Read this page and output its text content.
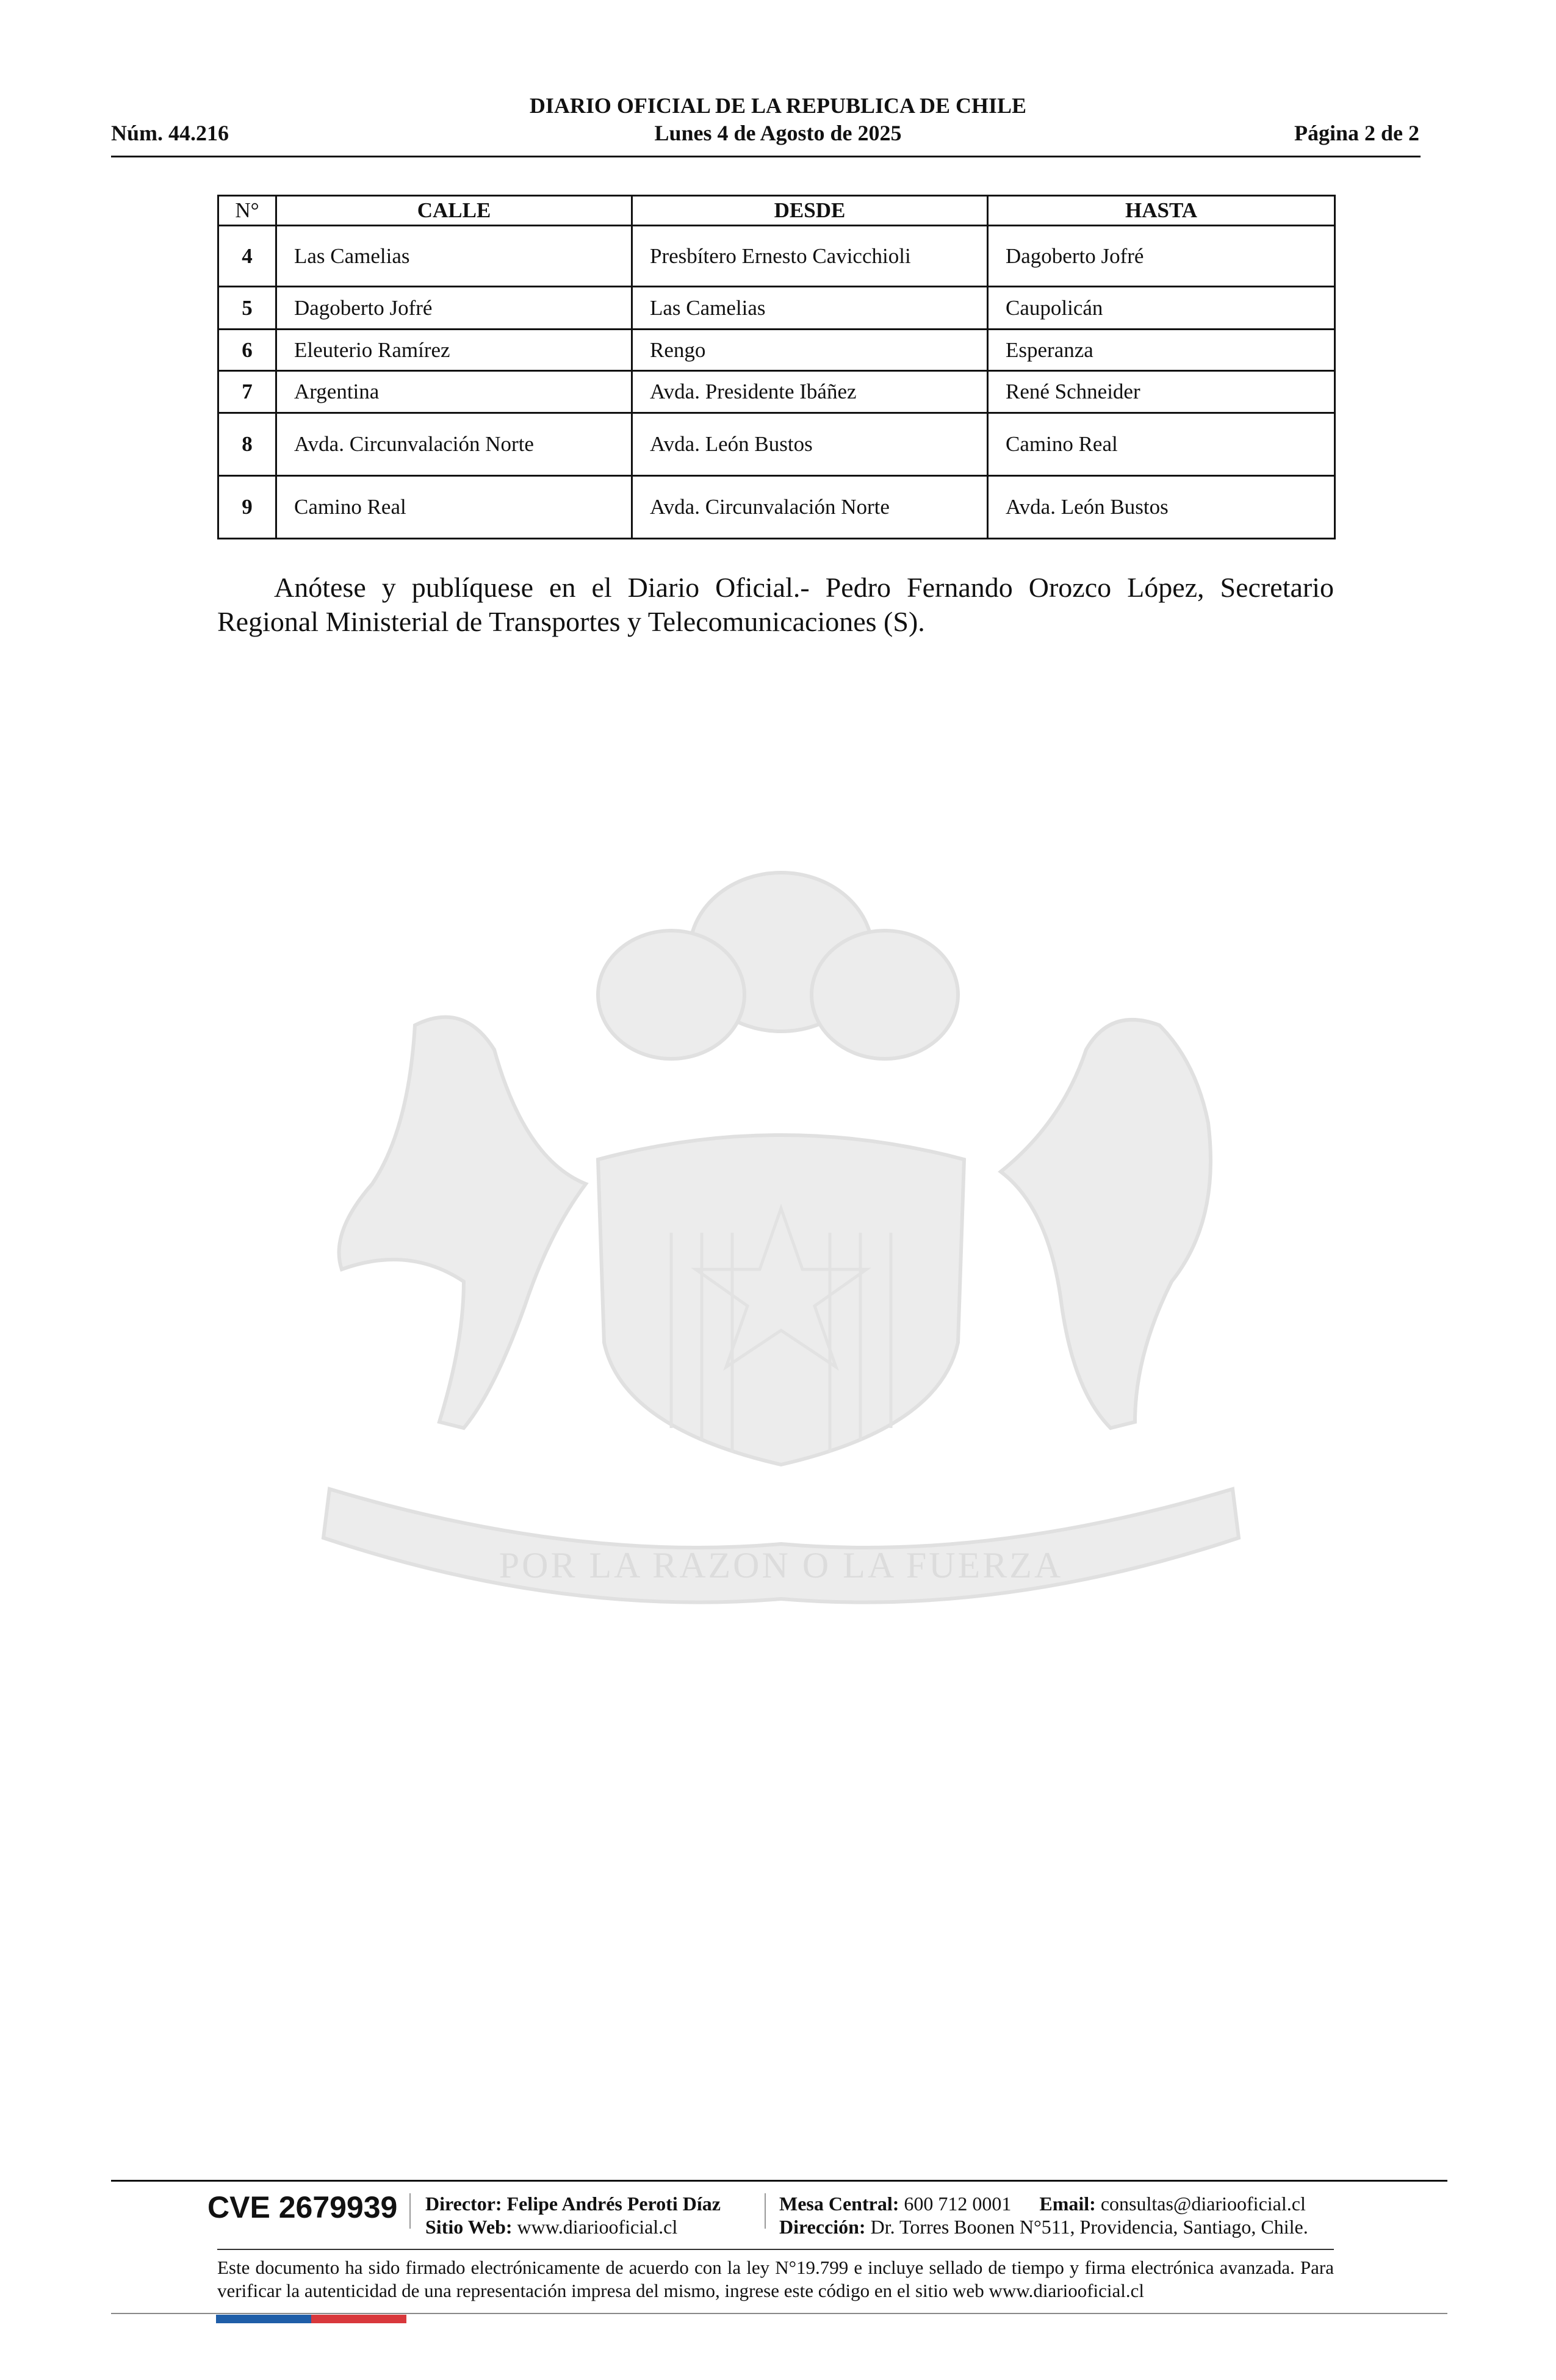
DIARIO OFICIAL DE LA REPUBLICA DE CHILE
Núm. 44.216	Lunes 4 de Agosto de 2025	Página 2 de 2
POR LA RAZON O LA FUERZA
N°	CALLE	DESDE	HASTA
4	Las Camelias	Presbítero Ernesto Cavicchioli	Dagoberto Jofré
5	Dagoberto Jofré	Las Camelias	Caupolicán
6	Eleuterio Ramírez	Rengo	Esperanza
7	Argentina	Avda. Presidente Ibáñez	René Schneider
8	Avda. Circunvalación Norte	Avda. León Bustos	Camino Real
9	Camino Real	Avda. Circunvalación Norte	Avda. León Bustos
Anótese y publíquese en el Diario Oficial.- Pedro Fernando Orozco López, Secretario Regional Ministerial de Transportes y Telecomunicaciones (S).
CVE 2679939 Director: Felipe Andrés Peroti Díaz
Sitio Web: www.diariooficial.cl
Mesa Central: 600 712 0001 Email: consultas@diariooficial.cl
Dirección: Dr. Torres Boonen N°511, Providencia, Santiago, Chile.
Este documento ha sido firmado electrónicamente de acuerdo con la ley N°19.799 e incluye sellado de tiempo y firma electrónica avanzada. Para verificar la autenticidad de una representación impresa del mismo, ingrese este código en el sitio web www.diariooficial.cl
